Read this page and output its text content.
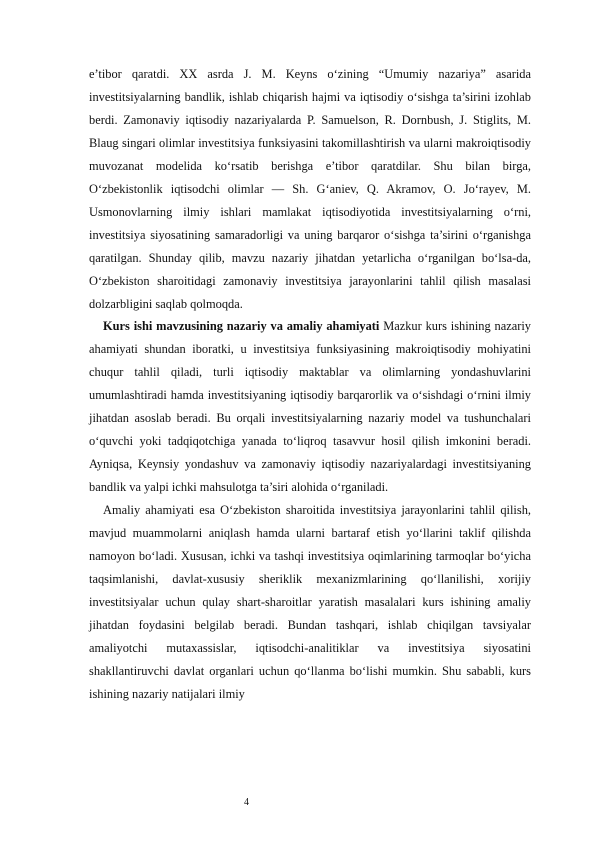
e’tibor qaratdi. XX asrda J. M. Keyns o‘zining “Umumiy nazariya” asarida investitsiyalarning bandlik, ishlab chiqarish hajmi va iqtisodiy o‘sishga ta’sirini izohlab berdi. Zamonaviy iqtisodiy nazariyalarda P. Samuelson, R. Dornbush, J. Stiglits, M. Blaug singari olimlar investitsiya funksiyasini takomillashtirish va ularni makroiqtisodiy muvozanat modelida ko‘rsatib berishga e’tibor qaratdilar. Shu bilan birga, O‘zbekistonlik iqtisodchi olimlar — Sh. G‘aniev, Q. Akramov, O. Jo‘rayev, M. Usmonovlarning ilmiy ishlari mamlakat iqtisodiyotida investitsiyalarning o‘rni, investitsiya siyosatining samaradorligi va uning barqaror o‘sishga ta’sirini o‘rganishga qaratilgan. Shunday qilib, mavzu nazariy jihatdan yetarlicha o‘rganilgan bo‘lsa-da, O‘zbekiston sharoitidagi zamonaviy investitsiya jarayonlarini tahlil qilish masalasi dolzarbligini saqlab qolmoqda.

Kurs ishi mavzusining nazariy va amaliy ahamiyati Mazkur kurs ishining nazariy ahamiyati shundan iboratki, u investitsiya funksiyasining makroiqtisodiy mohiyatini chuqur tahlil qiladi, turli iqtisodiy maktablar va olimlarning yondashuvlarini umumlashtiradi hamda investitsiyaning iqtisodiy barqarorlik va o‘sishdagi o‘rnini ilmiy jihatdan asoslab beradi. Bu orqali investitsiyalarning nazariy model va tushunchalari o‘quvchi yoki tadqiqotchiga yanada to‘liqroq tasavvur hosil qilish imkonini beradi. Ayniqsa, Keynsiy yondashuv va zamonaviy iqtisodiy nazariyalardagi investitsiyaning bandlik va yalpi ichki mahsulotga ta’siri alohida o‘rganiladi.

Amaliy ahamiyati esa O‘zbekiston sharoitida investitsiya jarayonlarini tahlil qilish, mavjud muammolarni aniqlash hamda ularni bartaraf etish yo‘llarini taklif qilishda namoyon bo‘ladi. Xususan, ichki va tashqi investitsiya oqimlarining tarmoqlar bo‘yicha taqsimlanishi, davlat-xususiy sheriklik mexanizmlarining qo‘llanilishi, xorijiy investitsiyalar uchun qulay shart-sharoitlar yaratish masalalari kurs ishining amaliy jihatdan foydasini belgilab beradi. Bundan tashqari, ishlab chiqilgan tavsiyalar amaliyotchi mutaxassislar, iqtisodchi-analitiklar va investitsiya siyosatini shakllantiruvchi davlat organlari uchun qo‘llanma bo‘lishi mumkin. Shu sababli, kurs ishining nazariy natijalari ilmiy

4
